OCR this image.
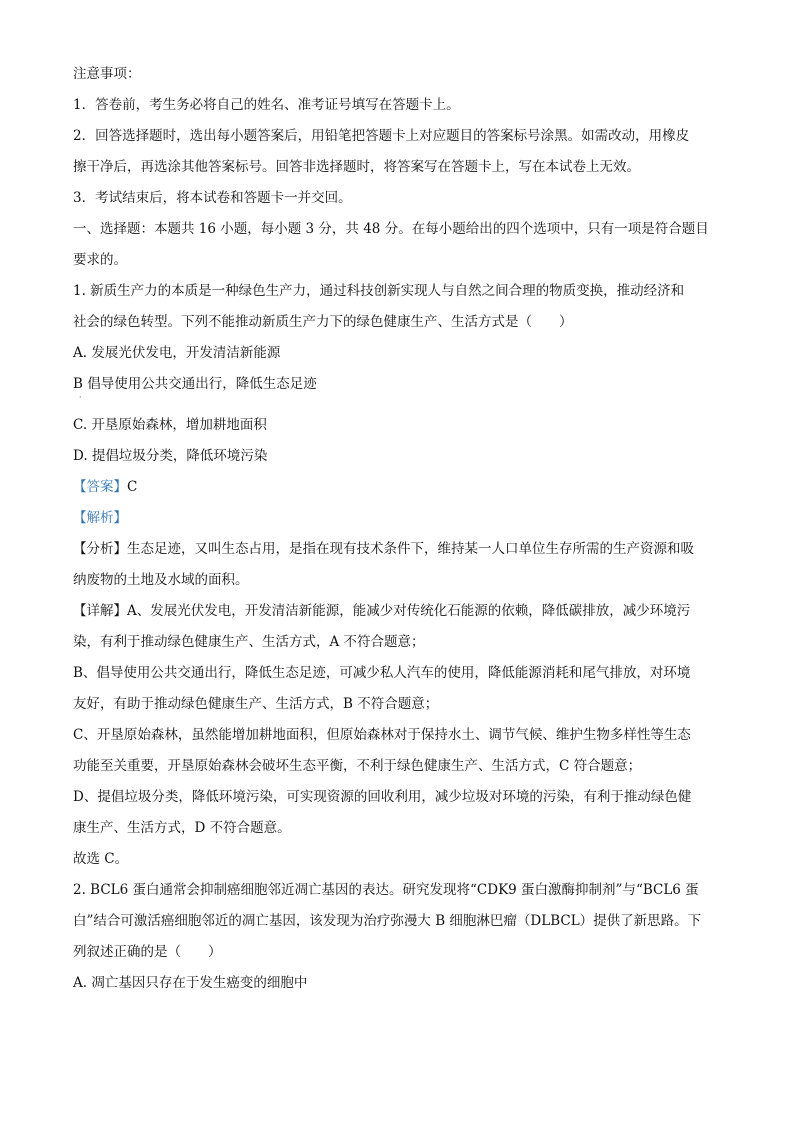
注意事项：

1．答卷前，考生务必将自己的姓名、准考证号填写在答题卡上。

2．回答选择题时，选出每小题答案后，用铅笔把答题卡上对应题目的答案标号涂黑。如需改动，用橡皮

擦干净后，再选涂其他答案标号。回答非选择题时，将答案写在答题卡上，写在本试卷上无效。

3．考试结束后，将本试卷和答题卡一并交回。

一、选择题：本题共 16 小题，每小题 3 分，共 48 分。在每小题给出的四个选项中，只有一项是符合题目

要求的。

1. 新质生产力的本质是一种绿色生产力，通过科技创新实现人与自然之间合理的物质变换，推动经济和

社会的绿色转型。下列不能推动新质生产力下的绿色健康生产、生活方式是（　　）

A. 发展光伏发电，开发清洁新能源

B 倡导使用公共交通出行，降低生态足迹

·

C. 开垦原始森林，增加耕地面积

D. 提倡垃圾分类，降低环境污染

【答案】C

【解析】

【分析】生态足迹，又叫生态占用，是指在现有技术条件下，维持某一人口单位生存所需的生产资源和吸

纳废物的土地及水域的面积。

【详解】A、发展光伏发电，开发清洁新能源，能减少对传统化石能源的依赖，降低碳排放，减少环境污

染，有利于推动绿色健康生产、生活方式，A 不符合题意；

B、倡导使用公共交通出行，降低生态足迹，可减少私人汽车的使用，降低能源消耗和尾气排放，对环境

友好，有助于推动绿色健康生产、生活方式，B 不符合题意；

C、开垦原始森林，虽然能增加耕地面积，但原始森林对于保持水土、调节气候、维护生物多样性等生态

功能至关重要，开垦原始森林会破坏生态平衡，不利于绿色健康生产、生活方式，C 符合题意；

D、提倡垃圾分类，降低环境污染，可实现资源的回收利用，减少垃圾对环境的污染，有利于推动绿色健

康生产、生活方式，D 不符合题意。

故选 C。

2. BCL6 蛋白通常会抑制癌细胞邻近凋亡基因的表达。研究发现将“CDK9 蛋白激酶抑制剂”与“BCL6 蛋

白”结合可激活癌细胞邻近的凋亡基因，该发现为治疗弥漫大 B 细胞淋巴瘤（DLBCL）提供了新思路。下

列叙述正确的是（　　）

A. 凋亡基因只存在于发生癌变的细胞中
